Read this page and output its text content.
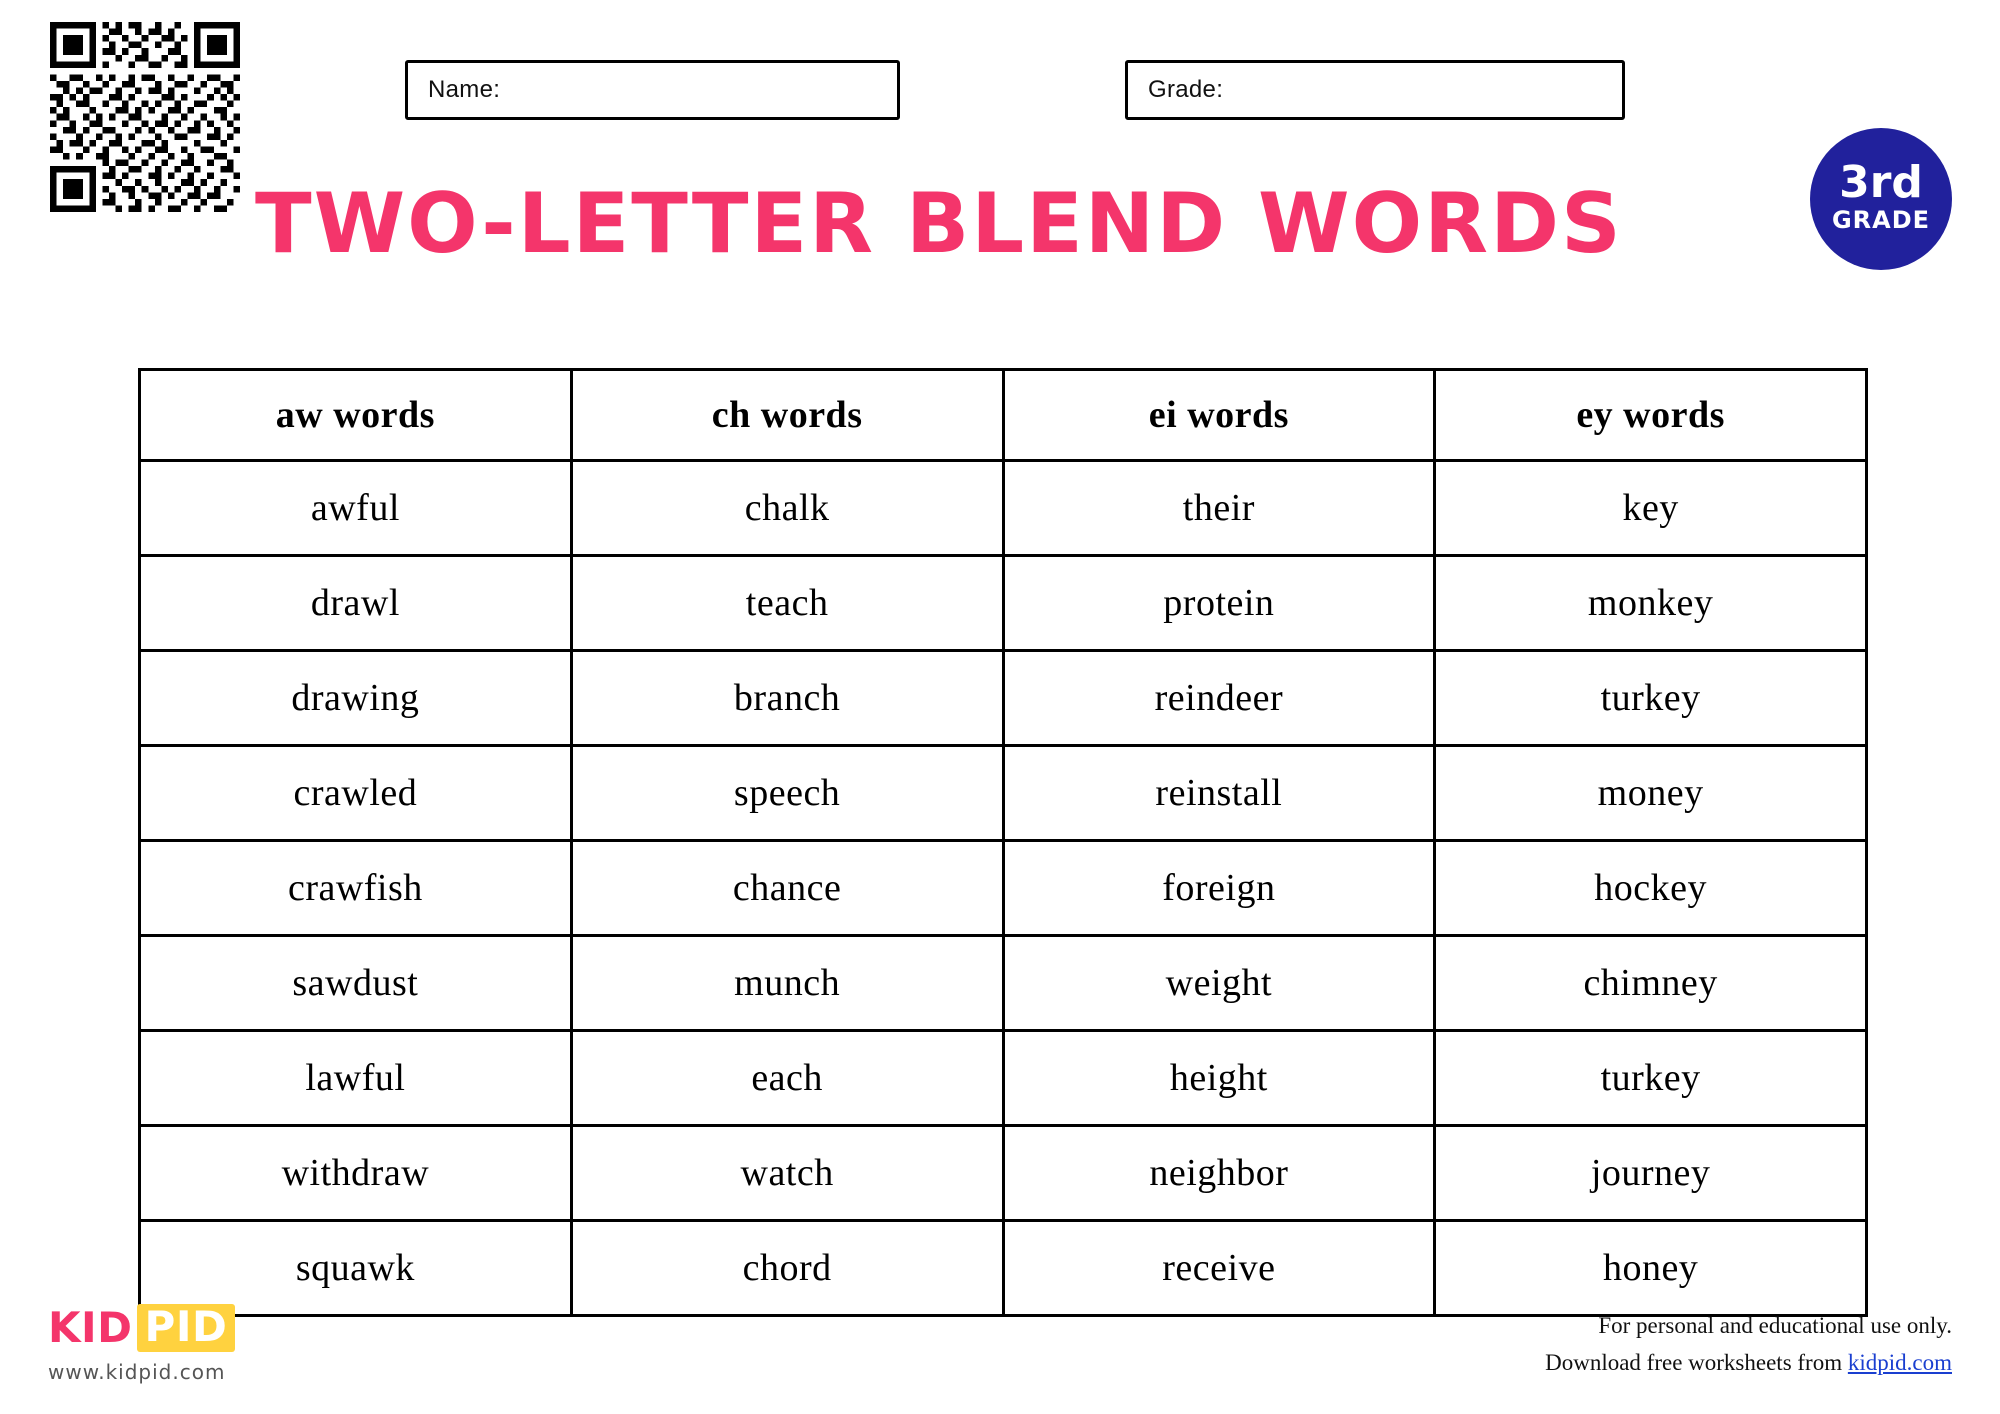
Name:	Grade:
TWO-LETTER BLEND WORDS	3rd
GRADE
aw words	ch words	ei words	ey words
awful	chalk	their	key
drawl	teach	protein	monkey
drawing	branch	reindeer	turkey
crawled	speech	reinstall	money
crawfish	chance	foreign	hockey
sawdust	munch	weight	chimney
lawful	each	height	turkey
withdraw	watch	neighbor	journey
squawk	chord	receive	honey
KID PID
www.kidpid.com
For personal and educational use only.
Download free worksheets from kidpid.com
